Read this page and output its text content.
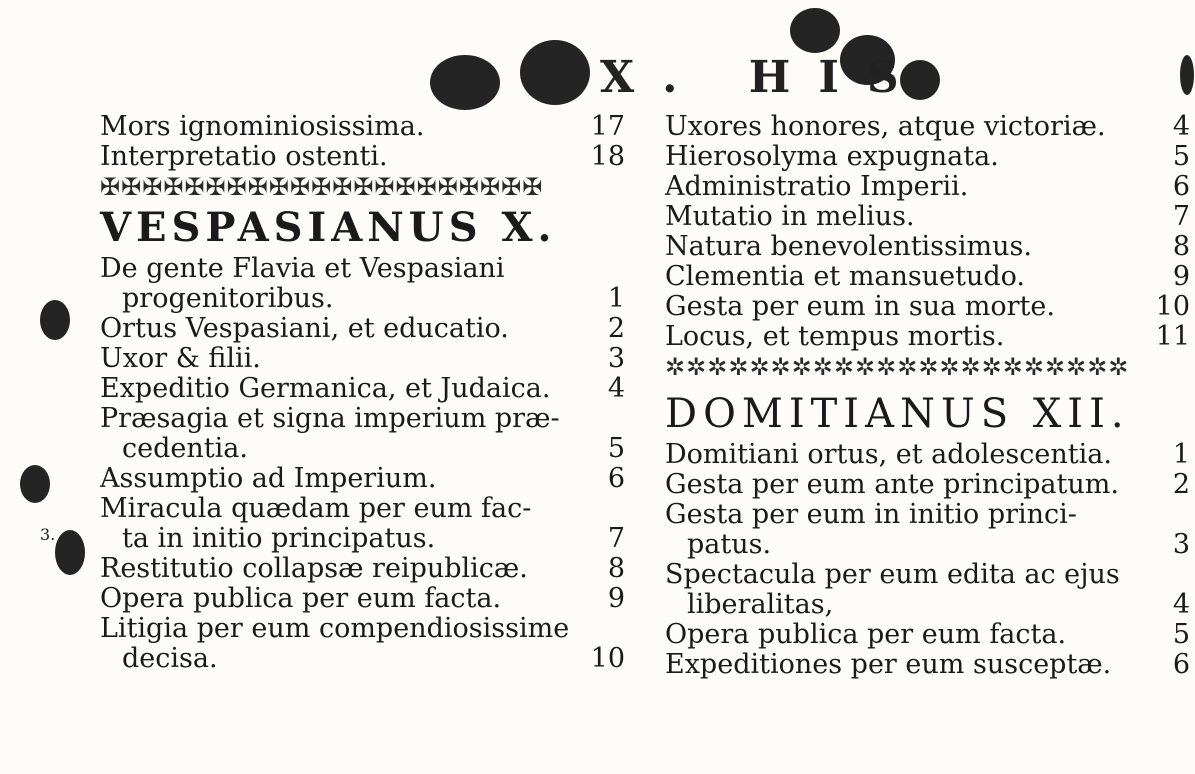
X. HIS
3.
Mors ignominiosissima.	17
Interpretatio ostenti.	18
✠✠✠✠✠✠✠✠✠✠✠✠✠✠✠✠✠✠✠✠✠
VESPASIANUS X.
De gente Flavia et Vespasiani
progenitoribus.	1
Ortus Vespasiani, et educatio.	2
Uxor & filii.	3
Expeditio Germanica, et Judaica. 4
Præsagia et signa imperium præ-
cedentia.	5
Assumptio ad Imperium.	6
Miracula quædam per eum fac-
ta in initio principatus.	7
Restitutio collapsæ reipublicæ.	8
Opera publica per eum facta.	9
Litigia per eum compendiosissime
decisa.	10
Uxores honores, atque victoriæ. 4
Hierosolyma expugnata.	5
Administratio Imperii.	6
Mutatio in melius.	7
Natura benevolentissimus.	8
Clementia et mansuetudo.	9
Gesta per eum in sua morte.	10
Locus, et tempus mortis.	11
✲✲✲✲✲✲✲✲✲✲✲✲✲✲✲✲✲✲✲✲✲✲
DOMITIANUS XII.
Domitiani ortus, et adolescentia. 1
Gesta per eum ante principatum. 2
Gesta per eum in initio princi-
patus.	3
Spectacula per eum edita ac ejus
liberalitas,	4
Opera publica per eum facta.	5
Expeditiones per eum susceptæ. 6
